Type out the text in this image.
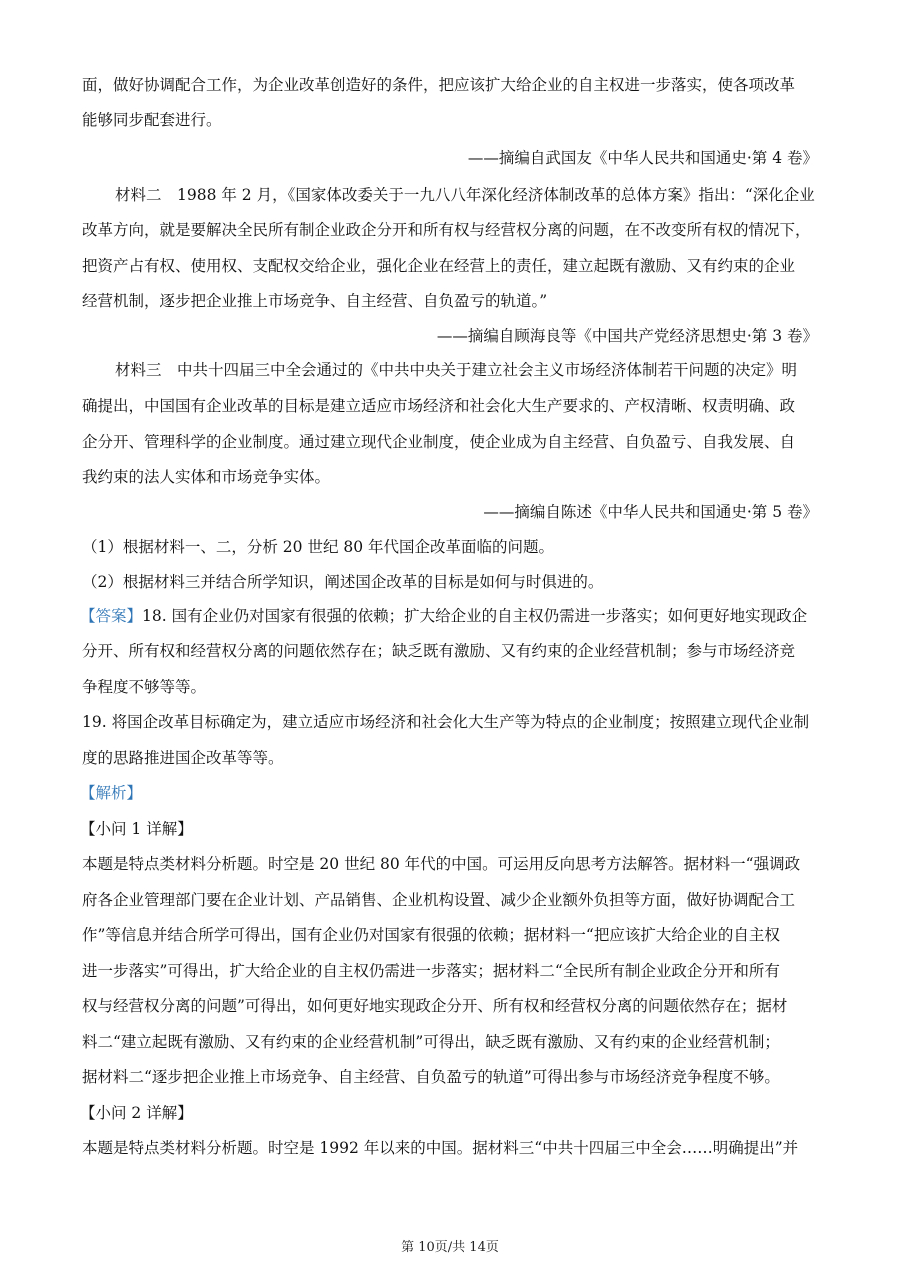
面，做好协调配合工作，为企业改革创造好的条件，把应该扩大给企业的自主权进一步落实，使各项改革
能够同步配套进行。
——摘编自武国友《中华人民共和国通史·第 4 卷》
材料二　1988 年 2 月，《国家体改委关于一九八八年深化经济体制改革的总体方案》指出：“深化企业
改革方向，就是要解决全民所有制企业政企分开和所有权与经营权分离的问题，在不改变所有权的情况下，
把资产占有权、使用权、支配权交给企业，强化企业在经营上的责任，建立起既有激励、又有约束的企业
经营机制，逐步把企业推上市场竞争、自主经营、自负盈亏的轨道。”
——摘编自顾海良等《中国共产党经济思想史·第 3 卷》
材料三　中共十四届三中全会通过的《中共中央关于建立社会主义市场经济体制若干问题的决定》明
确提出，中国国有企业改革的目标是建立适应市场经济和社会化大生产要求的、产权清晰、权责明确、政
企分开、管理科学的企业制度。通过建立现代企业制度，使企业成为自主经营、自负盈亏、自我发展、自
我约束的法人实体和市场竞争实体。
——摘编自陈述《中华人民共和国通史·第 5 卷》
（1）根据材料一、二，分析 20 世纪 80 年代国企改革面临的问题。
（2）根据材料三并结合所学知识，阐述国企改革的目标是如何与时俱进的。
【答案】18. 国有企业仍对国家有很强的依赖；扩大给企业的自主权仍需进一步落实；如何更好地实现政企
分开、所有权和经营权分离的问题依然存在；缺乏既有激励、又有约束的企业经营机制；参与市场经济竞
争程度不够等等。
19. 将国企改革目标确定为，建立适应市场经济和社会化大生产等为特点的企业制度；按照建立现代企业制
度的思路推进国企改革等等。
【解析】
【小问 1 详解】
本题是特点类材料分析题。时空是 20 世纪 80 年代的中国。可运用反向思考方法解答。据材料一“强调政
府各企业管理部门要在企业计划、产品销售、企业机构设置、减少企业额外负担等方面，做好协调配合工
作”等信息并结合所学可得出，国有企业仍对国家有很强的依赖；据材料一“把应该扩大给企业的自主权
进一步落实”可得出，扩大给企业的自主权仍需进一步落实；据材料二“全民所有制企业政企分开和所有
权与经营权分离的问题”可得出，如何更好地实现政企分开、所有权和经营权分离的问题依然存在；据材
料二“建立起既有激励、又有约束的企业经营机制”可得出，缺乏既有激励、又有约束的企业经营机制；
据材料二“逐步把企业推上市场竞争、自主经营、自负盈亏的轨道”可得出参与市场经济竞争程度不够。
【小问 2 详解】
本题是特点类材料分析题。时空是 1992 年以来的中国。据材料三“中共十四届三中全会……明确提出”并
第 10页/共 14页
